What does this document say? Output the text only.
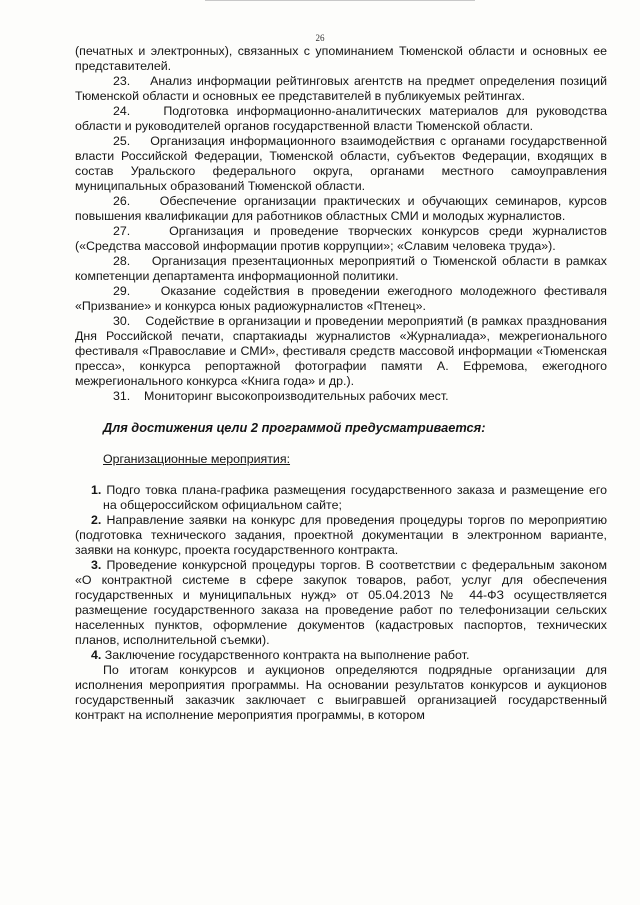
26

(печатных и электронных), связанных с упоминанием Тюменской области и основных ее представителей.

23. Анализ информации рейтинговых агентств на предмет определения позиций Тюменской области и основных ее представителей в публикуемых рейтингах.

24.	Подготовка информационно-аналитических материалов для руководства области и руководителей органов государственной власти Тюменской области.

25. Организация информационного взаимодействия с органами государственной власти Российской Федерации, Тюменской области, субъектов Федерации, входящих в состав Уральского федерального округа, органами местного самоуправления муниципальных образований Тюменской области.

26. Обеспечение организации практических и обучающих семинаров, курсов повышения квалификации для работников областных СМИ и молодых журналистов.

27.	Организация и проведение творческих конкурсов среди журналистов («Средства массовой информации против коррупции»; «Славим человека труда»).

28. Организация презентационных мероприятий о Тюменской области в рамках компетенции департамента информационной политики.

29. Оказание содействия в проведении ежегодного молодежного фестиваля «Призвание» и конкурса юных радиожурналистов «Птенец».

30. Содействие в организации и проведении мероприятий (в рамках празднования Дня Российской печати, спартакиады журналистов «Журналиада», межрегионального фестиваля «Православие и СМИ», фестиваля средств массовой информации «Тюменская пресса», конкурса репортажной фотографии памяти А. Ефремова, ежегодного межрегионального конкурса «Книга года» и др.).

31. Мониторинг высокопроизводительных рабочих мест.

Для достижения цели 2 программой предусматривается:

Организационные мероприятия:

1. Подго товка плана-графика размещения государственного заказа и размещение его на общероссийском официальном сайте;

2. Направление заявки на конкурс для проведения процедуры торгов по мероприятию (подготовка технического задания, проектной документации в электронном варианте, заявки на конкурс, проекта государственного контракта.

3. Проведение конкурсной процедуры торгов. В соответствии с федеральным законом «О контрактной системе в сфере закупок товаров, работ, услуг для обеспечения государственных и муниципальных нужд» от 05.04.2013 № 44-ФЗ осуществляется размещение государственного заказа на проведение работ по телефонизации сельских населенных пунктов, оформление документов (кадастровых паспортов, технических планов, исполнительной съемки).

4. Заключение государственного контракта на выполнение работ.

По итогам конкурсов и аукционов определяются подрядные организации для исполнения мероприятия программы. На основании результатов конкурсов и аукционов государственный заказчик заключает с выигравшей организацией государственный контракт на исполнение мероприятия программы, в котором
